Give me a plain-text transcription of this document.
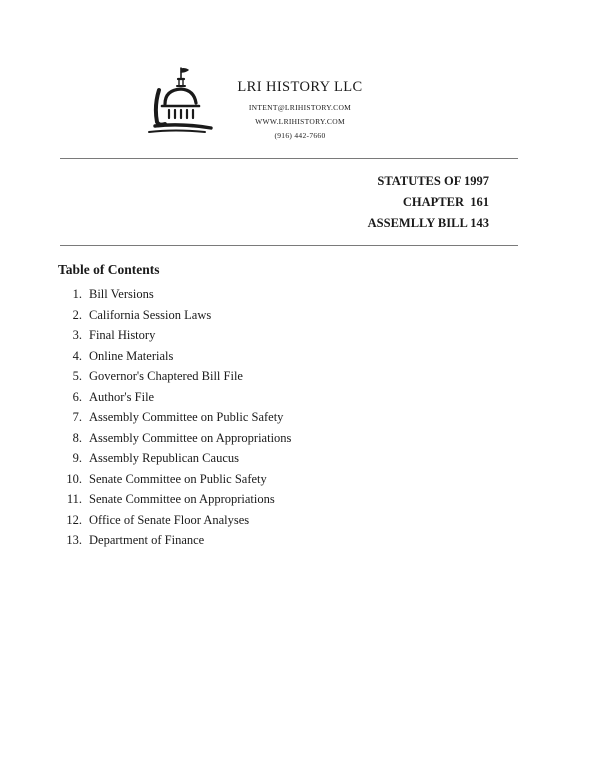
LRI HISTORY LLC
INTENT@LRIHISTORY.COM
WWW.LRIHISTORY.COM
(916) 442-7660
STATUTES OF 1997
CHAPTER  161
ASSEMLLY BILL 143
Table of Contents
1. Bill Versions
2. California Session Laws
3. Final History
4. Online Materials
5. Governor's Chaptered Bill File
6. Author's File
7. Assembly Committee on Public Safety
8. Assembly Committee on Appropriations
9. Assembly Republican Caucus
10. Senate Committee on Public Safety
11. Senate Committee on Appropriations
12. Office of Senate Floor Analyses
13. Department of Finance
